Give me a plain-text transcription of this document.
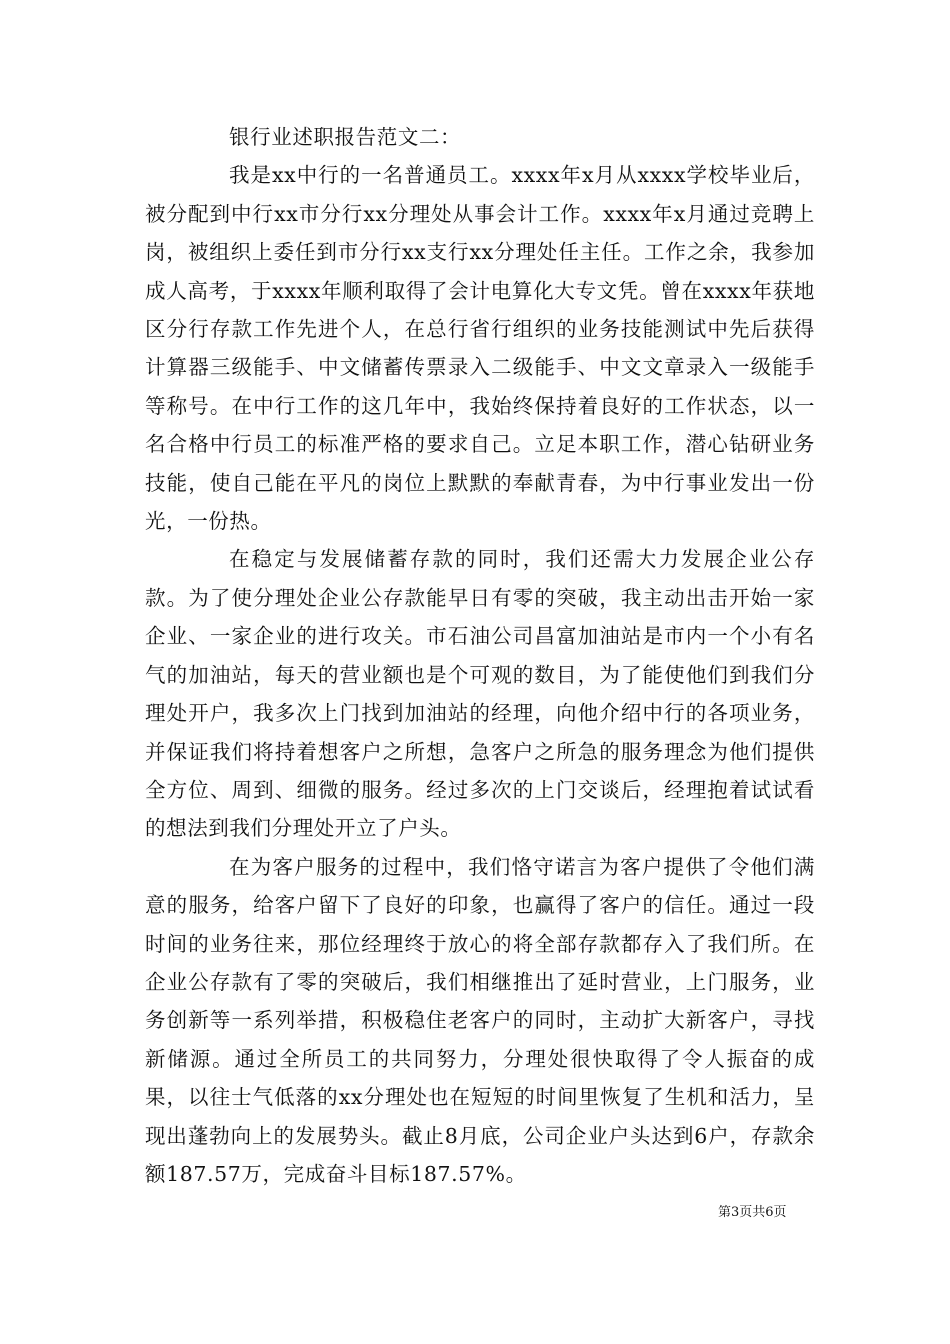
银行业述职报告范文二：

我是xx中行的一名普通员工。xxxx年x月从xxxx学校毕业后，被分配到中行xx市分行xx分理处从事会计工作。xxxx年x月通过竞聘上岗，被组织上委任到市分行xx支行xx分理处任主任。工作之余，我参加成人高考，于xxxx年顺利取得了会计电算化大专文凭。曾在xxxx年获地区分行存款工作先进个人，在总行省行组织的业务技能测试中先后获得计算器三级能手、中文储蓄传票录入二级能手、中文文章录入一级能手等称号。在中行工作的这几年中，我始终保持着良好的工作状态，以一名合格中行员工的标准严格的要求自己。立足本职工作，潜心钻研业务技能，使自己能在平凡的岗位上默默的奉献青春，为中行事业发出一份光，一份热。

在稳定与发展储蓄存款的同时，我们还需大力发展企业公存款。为了使分理处企业公存款能早日有零的突破，我主动出击开始一家企业、一家企业的进行攻关。市石油公司昌富加油站是市内一个小有名气的加油站，每天的营业额也是个可观的数目，为了能使他们到我们分理处开户，我多次上门找到加油站的经理，向他介绍中行的各项业务，并保证我们将持着想客户之所想，急客户之所急的服务理念为他们提供全方位、周到、细微的服务。经过多次的上门交谈后，经理抱着试试看的想法到我们分理处开立了户头。

在为客户服务的过程中，我们恪守诺言为客户提供了令他们满意的服务，给客户留下了良好的印象，也赢得了客户的信任。通过一段时间的业务往来，那位经理终于放心的将全部存款都存入了我们所。在企业公存款有了零的突破后，我们相继推出了延时营业，上门服务，业务创新等一系列举措，积极稳住老客户的同时，主动扩大新客户，寻找新储源。通过全所员工的共同努力，分理处很快取得了令人振奋的成果，以往士气低落的xx分理处也在短短的时间里恢复了生机和活力，呈现出蓬勃向上的发展势头。截止8月底，公司企业户头达到6户，存款余额187.57万，完成奋斗目标187.57%。

第3页共6页
